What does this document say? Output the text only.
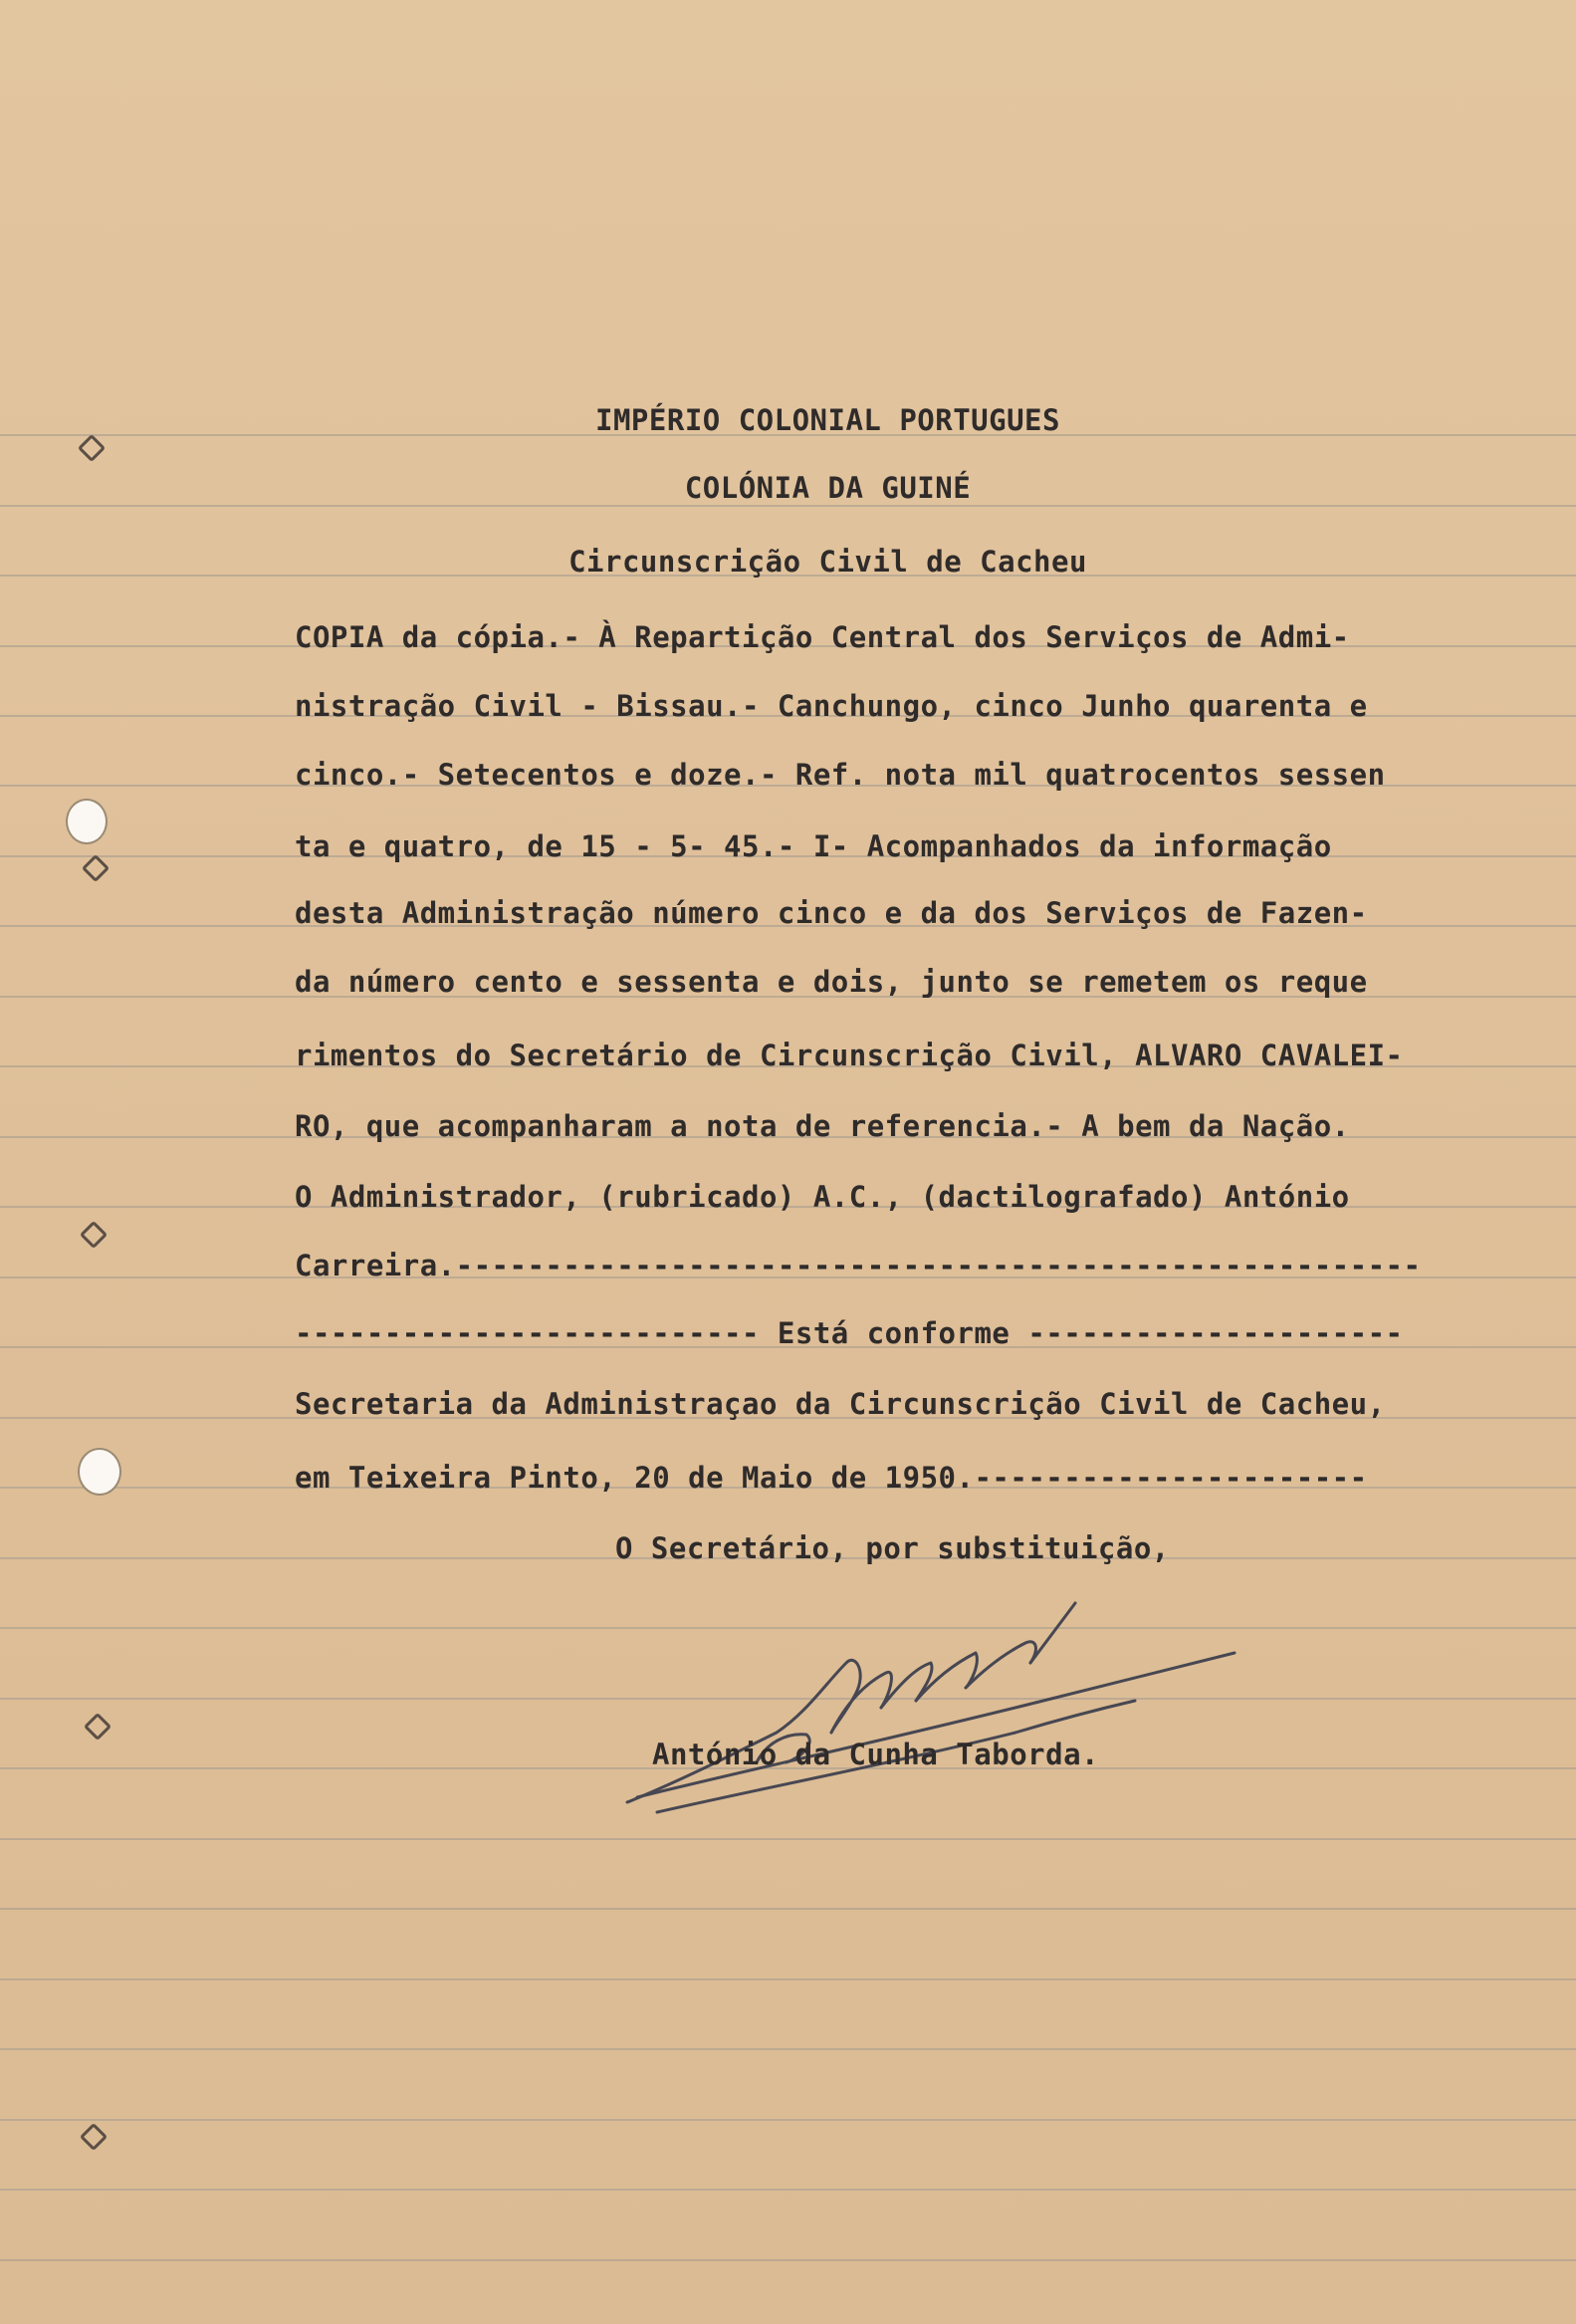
IMPÉRIO COLONIAL PORTUGUES
COLÓNIA DA GUINÉ
Circunscrição Civil de Cacheu
COPIA da cópia.- À Repartição Central dos Serviços de Admi-
nistração Civil - Bissau.- Canchungo, cinco Junho quarenta e
cinco.- Setecentos e doze.- Ref. nota mil quatrocentos sessen
ta e quatro, de 15 - 5- 45.- I- Acompanhados da informação
desta Administração número cinco e da dos Serviços de Fazen-
da número cento e sessenta e dois, junto se remetem os reque
rimentos do Secretário de Circunscrição Civil, ALVARO CAVALEI-
RO, que acompanharam a nota de referencia.- A bem da Nação.
O Administrador, (rubricado) A.C., (dactilografado) António
Carreira.------------------------------------------------------
-------------------------- Está conforme ---------------------
Secretaria da Administraçao da Circunscrição Civil de Cacheu,
em Teixeira Pinto, 20 de Maio de 1950.----------------------
O Secretário, por substituição,
António da Cunha Taborda.
